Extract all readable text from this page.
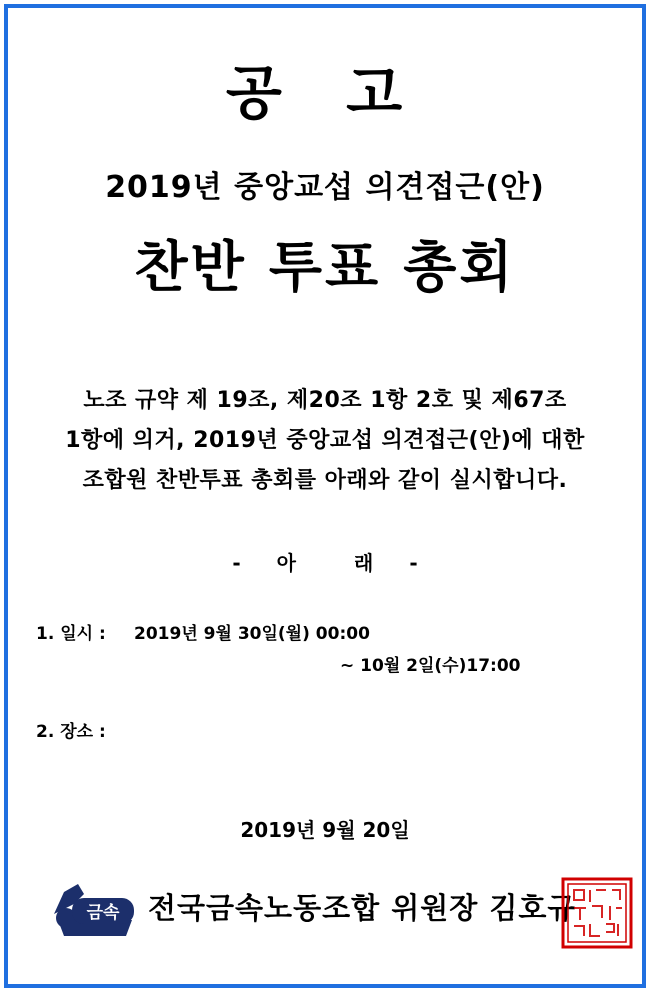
공 고
2019년 중앙교섭 의견접근(안)
찬반 투표 총회
노조 규약 제 19조, 제20조 1항 2호 및 제67조
1항에 의거, 2019년 중앙교섭 의견접근(안)에 대한
조합원 찬반투표 총회를 아래와 같이 실시합니다.
- 아	래 -
1. 일시 : 2019년 9월 30일(월) 00:00
~ 10월 2일(수)17:00
2. 장소 :
2019년 9월 20일
금속 전국금속노동조합 위원장 김호규
